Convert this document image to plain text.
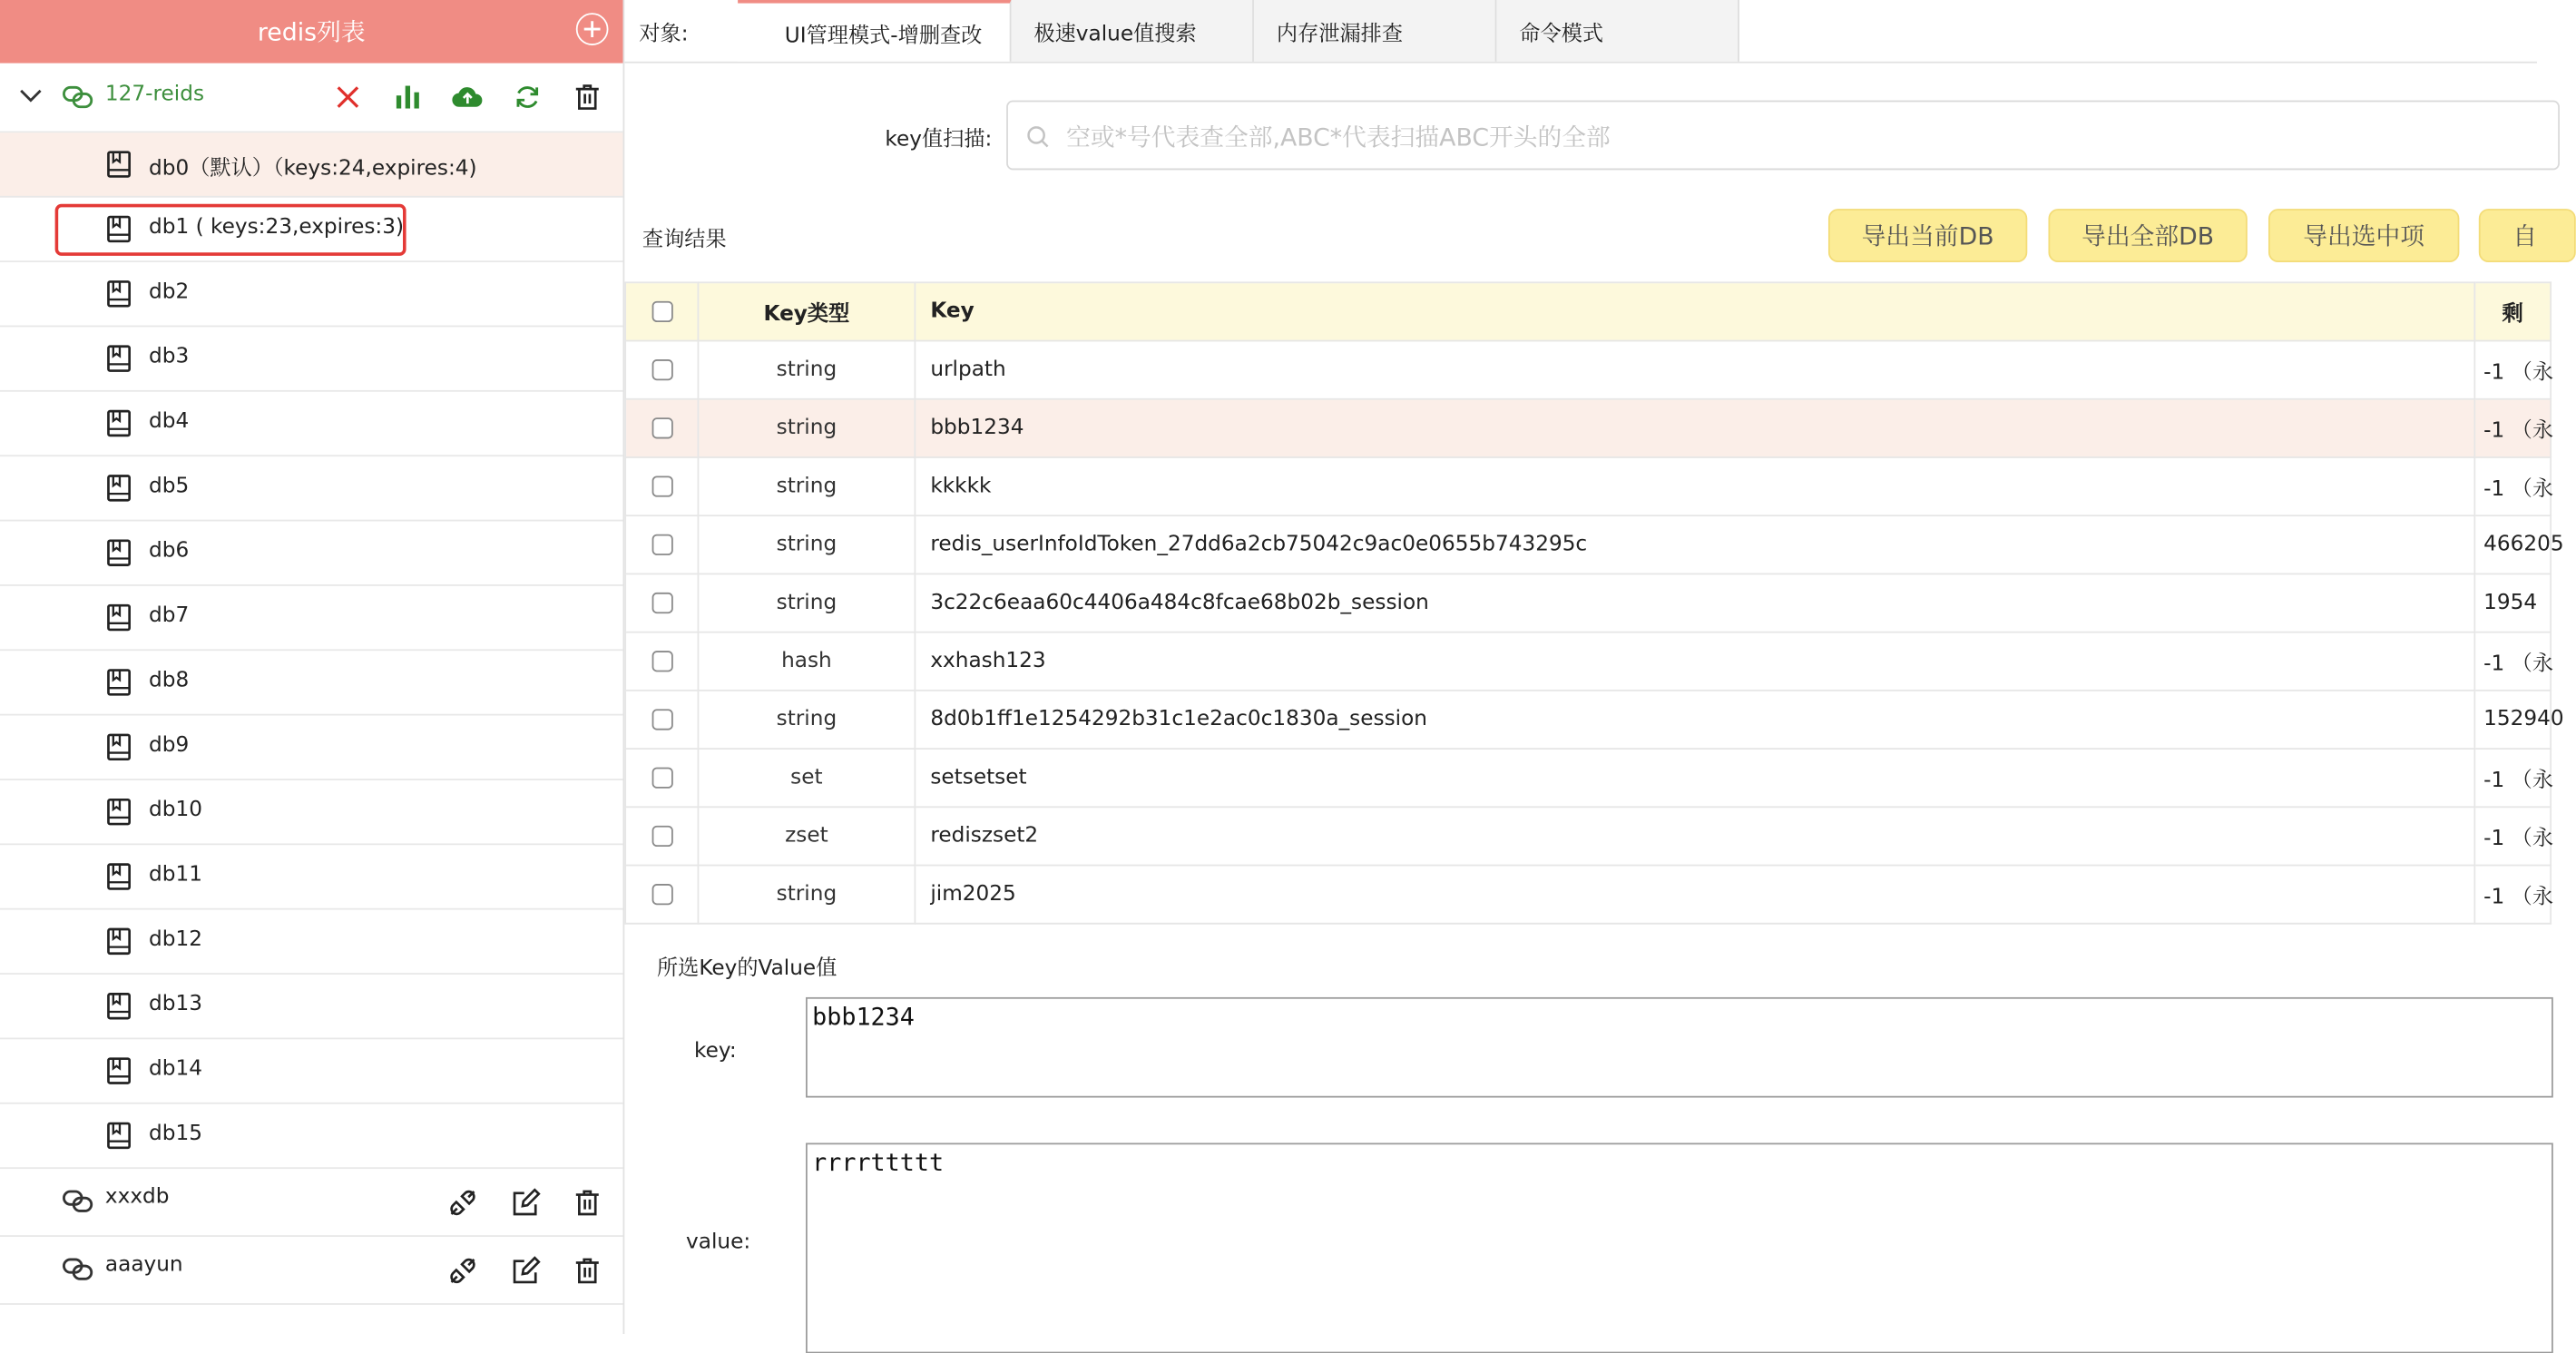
redis列表
127-reids
db0（默认）（keys:24,expires:4)
db1 ( keys:23,expires:3)
db2
db3
db4
db5
db6
db7
db8
db9
db10
db11
db12
db13
db14
db15
xxxdb
aaayun
对象:	UI管理模式-增删查改	极速value值搜索	内存泄漏排查	命令模式
key值扫描:
空或*号代表查全部,ABC*代表扫描ABC开头的全部
查询结果	导出当前DB	导出全部DB	导出选中项	自
	Key类型	Key	剩
	string	urlpath	-1 （永
	string	bbb1234	-1 （永
	string	kkkkk	-1 （永
	string	redis_userInfoIdToken_27dd6a2cb75042c9ac0e0655b743295c	466205
	string	3c22c6eaa60c4406a484c8fcae68b02b_session	1954
	hash	xxhash123	-1 （永
	string	8d0b1ff1e1254292b31c1e2ac0c1830a_session	152940
	set	setsetset	-1 （永
	zset	rediszset2	-1 （永
	string	jim2025	-1 （永
所选Key的Value值
key:
bbb1234
value:
rrrrttttt
